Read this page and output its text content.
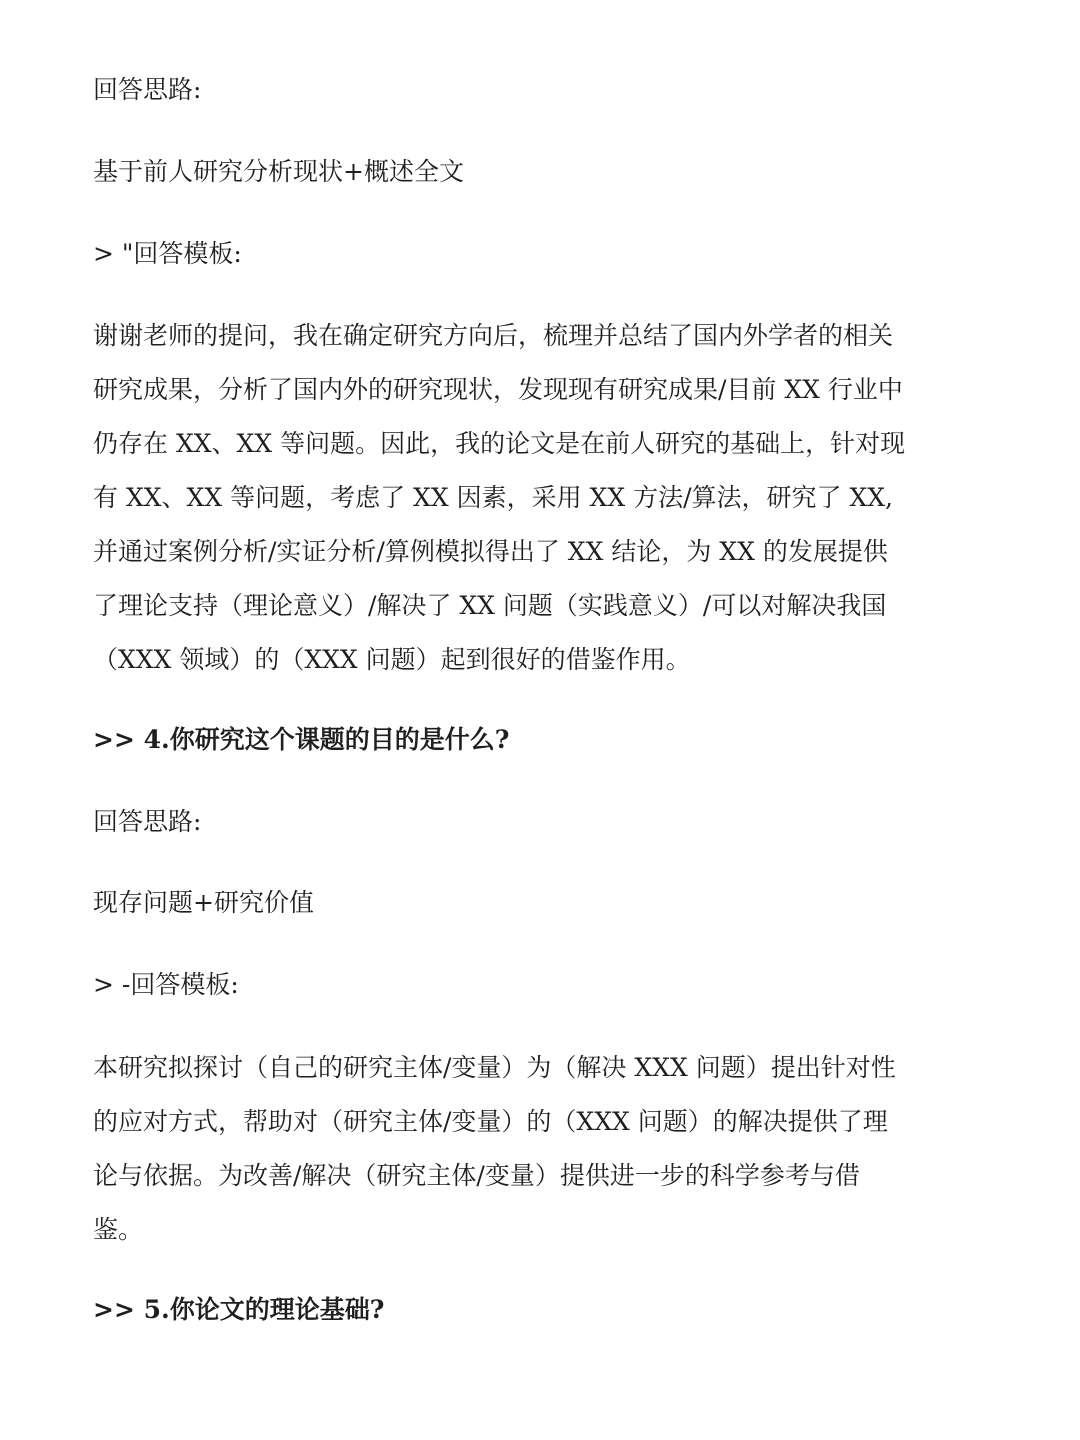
回答思路:

基于前人研究分析现状+概述全文

> "回答模板:

谢谢老师的提问，我在确定研究方向后，梳理并总结了国内外学者的相关
研究成果，分析了国内外的研究现状，发现现有研究成果/目前 XX 行业中
仍存在 XX、XX 等问题。因此，我的论文是在前人研究的基础上，针对现
有 XX、XX 等问题，考虑了 XX 因素，采用 XX 方法/算法，研究了 XX,
并通过案例分析/实证分析/算例模拟得出了 XX 结论，为 XX 的发展提供
了理论支持（理论意义）/解决了 XX 问题（实践意义）/可以对解决我国
（XXX 领域）的（XXX 问题）起到很好的借鉴作用。

>> 4.你研究这个课题的目的是什么?

回答思路:

现存问题+研究价值

> -回答模板:

本研究拟探讨（自己的研究主体/变量）为（解决 XXX 问题）提出针对性
的应对方式，帮助对（研究主体/变量）的（XXX 问题）的解决提供了理
论与依据。为改善/解决（研究主体/变量）提供进一步的科学参考与借
鉴。

>> 5.你论文的理论基础?
